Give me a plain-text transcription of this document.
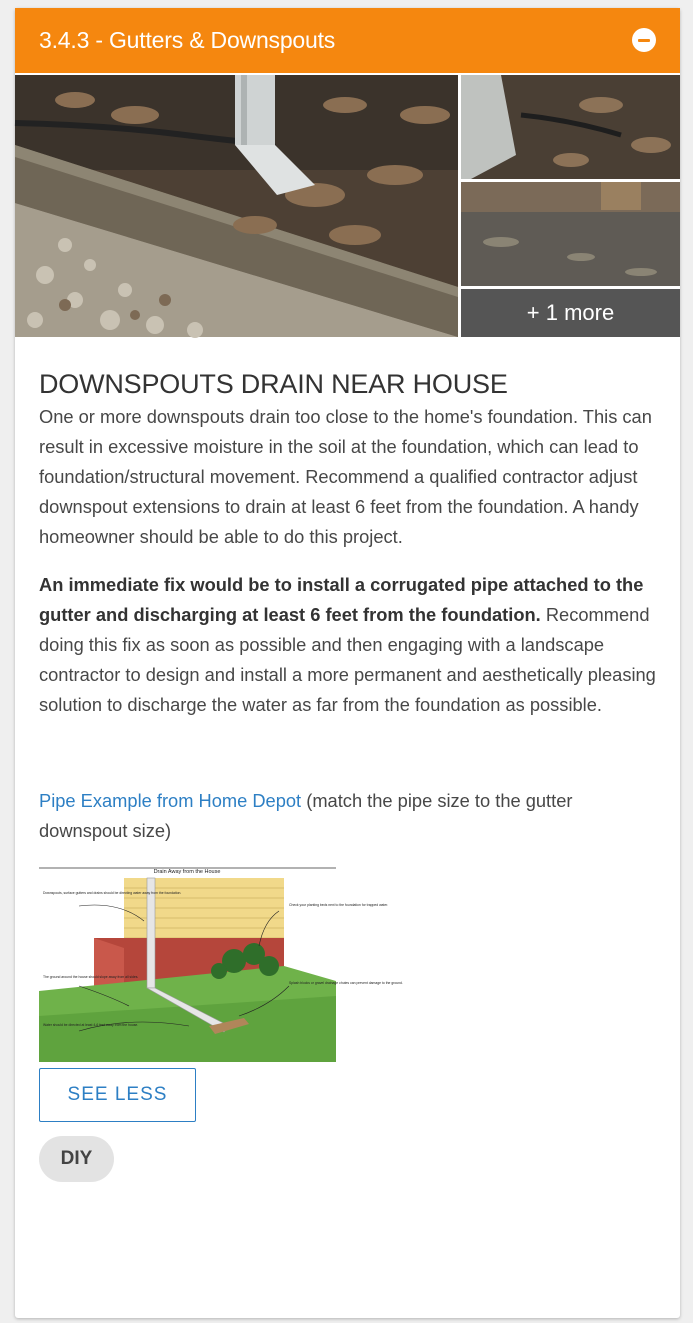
3.4.3 - Gutters & Downspouts
+ 1 more
DOWNSPOUTS DRAIN NEAR HOUSE

One or more downspouts drain too close to the home's foundation. This can result in excessive moisture in the soil at the foundation, which can lead to foundation/structural movement. Recommend a qualified contractor adjust downspout extensions to drain at least 6 feet from the foundation. A handy homeowner should be able to do this project.

An immediate fix would be to install a corrugated pipe attached to the gutter and discharging at least 6 feet from the foundation. Recommend doing this fix as soon as possible and then engaging with a landscape contractor to design and install a more permanent and aesthetically pleasing solution to discharge the water as far from the foundation as possible.

Pipe Example from Home Depot (match the pipe size to the gutter downspout size)

Drain Away from the House
Downspouts, surface gutters and drains should be directing water away from the foundation.
The ground around the house should slope away from all sides.
Water should be directed at least 4-6 feet away from the house.
Check your planting beds next to the foundation for trapped water.
Splash blocks or gravel drainage chutes can prevent damage to the ground.
SEE LESS
DIY
